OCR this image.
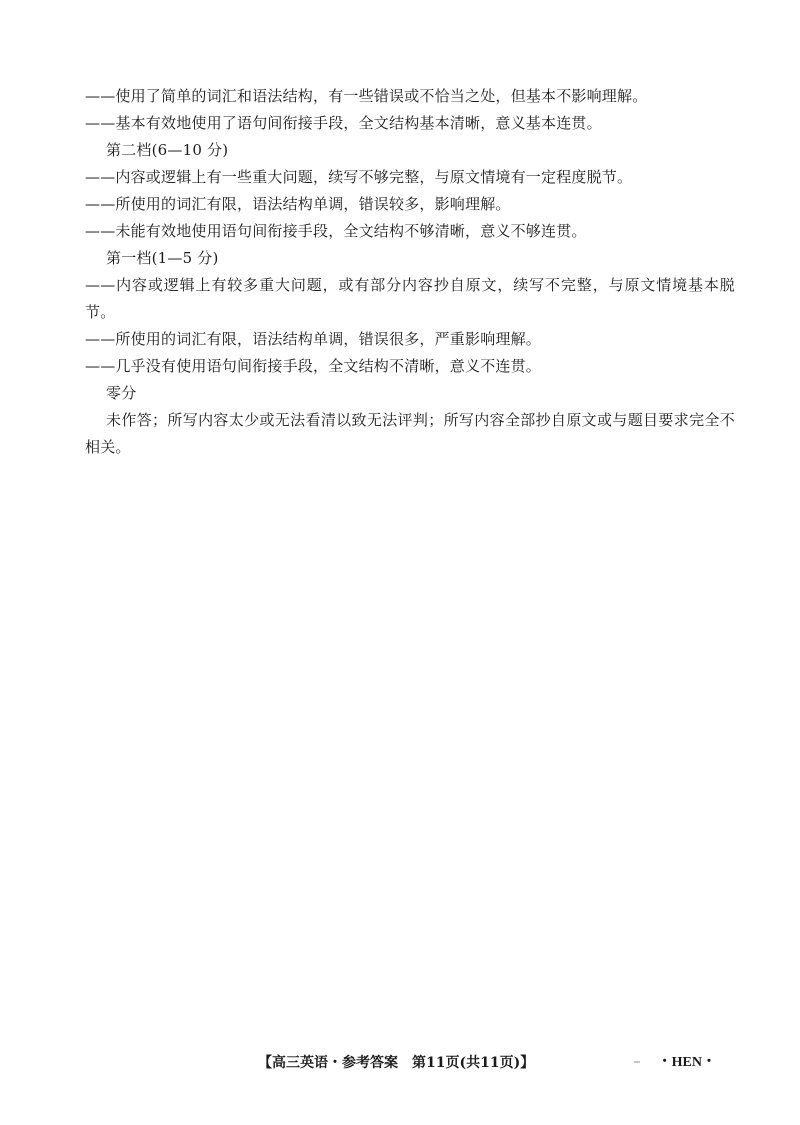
——使用了简单的词汇和语法结构，有一些错误或不恰当之处，但基本不影响理解。
——基本有效地使用了语句间衔接手段，全文结构基本清晰，意义基本连贯。
第二档(6—10 分)
——内容或逻辑上有一些重大问题，续写不够完整，与原文情境有一定程度脱节。
——所使用的词汇有限，语法结构单调，错误较多，影响理解。
——未能有效地使用语句间衔接手段，全文结构不够清晰，意义不够连贯。
第一档(1—5 分)
——内容或逻辑上有较多重大问题，或有部分内容抄自原文，续写不完整，与原文情境基本脱节。
——所使用的词汇有限，语法结构单调，错误很多，严重影响理解。
——几乎没有使用语句间衔接手段，全文结构不清晰，意义不连贯。
零分
未作答；所写内容太少或无法看清以致无法评判；所写内容全部抄自原文或与题目要求完全不相关。
【高三英语・参考答案　第11页(共11页)】	・HEN・
